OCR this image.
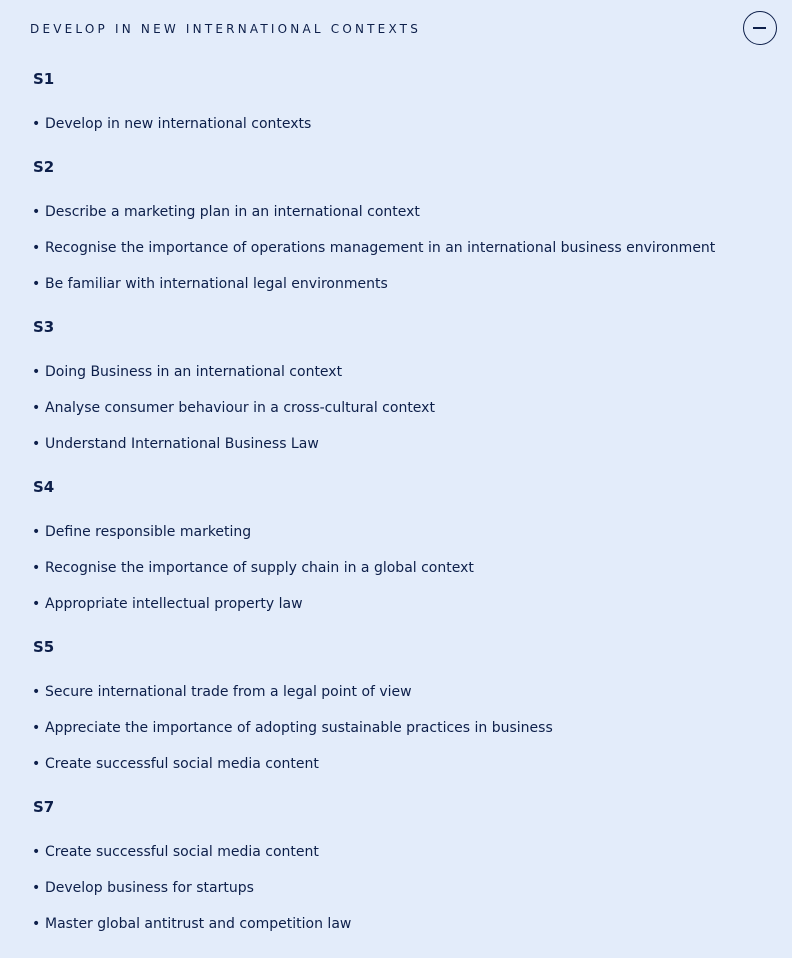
DEVELOP IN NEW INTERNATIONAL CONTEXTS
S1
• Develop in new international contexts
S2
• Describe a marketing plan in an international context
• Recognise the importance of operations management in an international business environment
• Be familiar with international legal environments
S3
• Doing Business in an international context
• Analyse consumer behaviour in a cross-cultural context
• Understand International Business Law
S4
• Define responsible marketing
• Recognise the importance of supply chain in a global context
• Appropriate intellectual property law
S5
• Secure international trade from a legal point of view
• Appreciate the importance of adopting sustainable practices in business
• Create successful social media content
S7
• Create successful social media content
• Develop business for startups
• Master global antitrust and competition law
